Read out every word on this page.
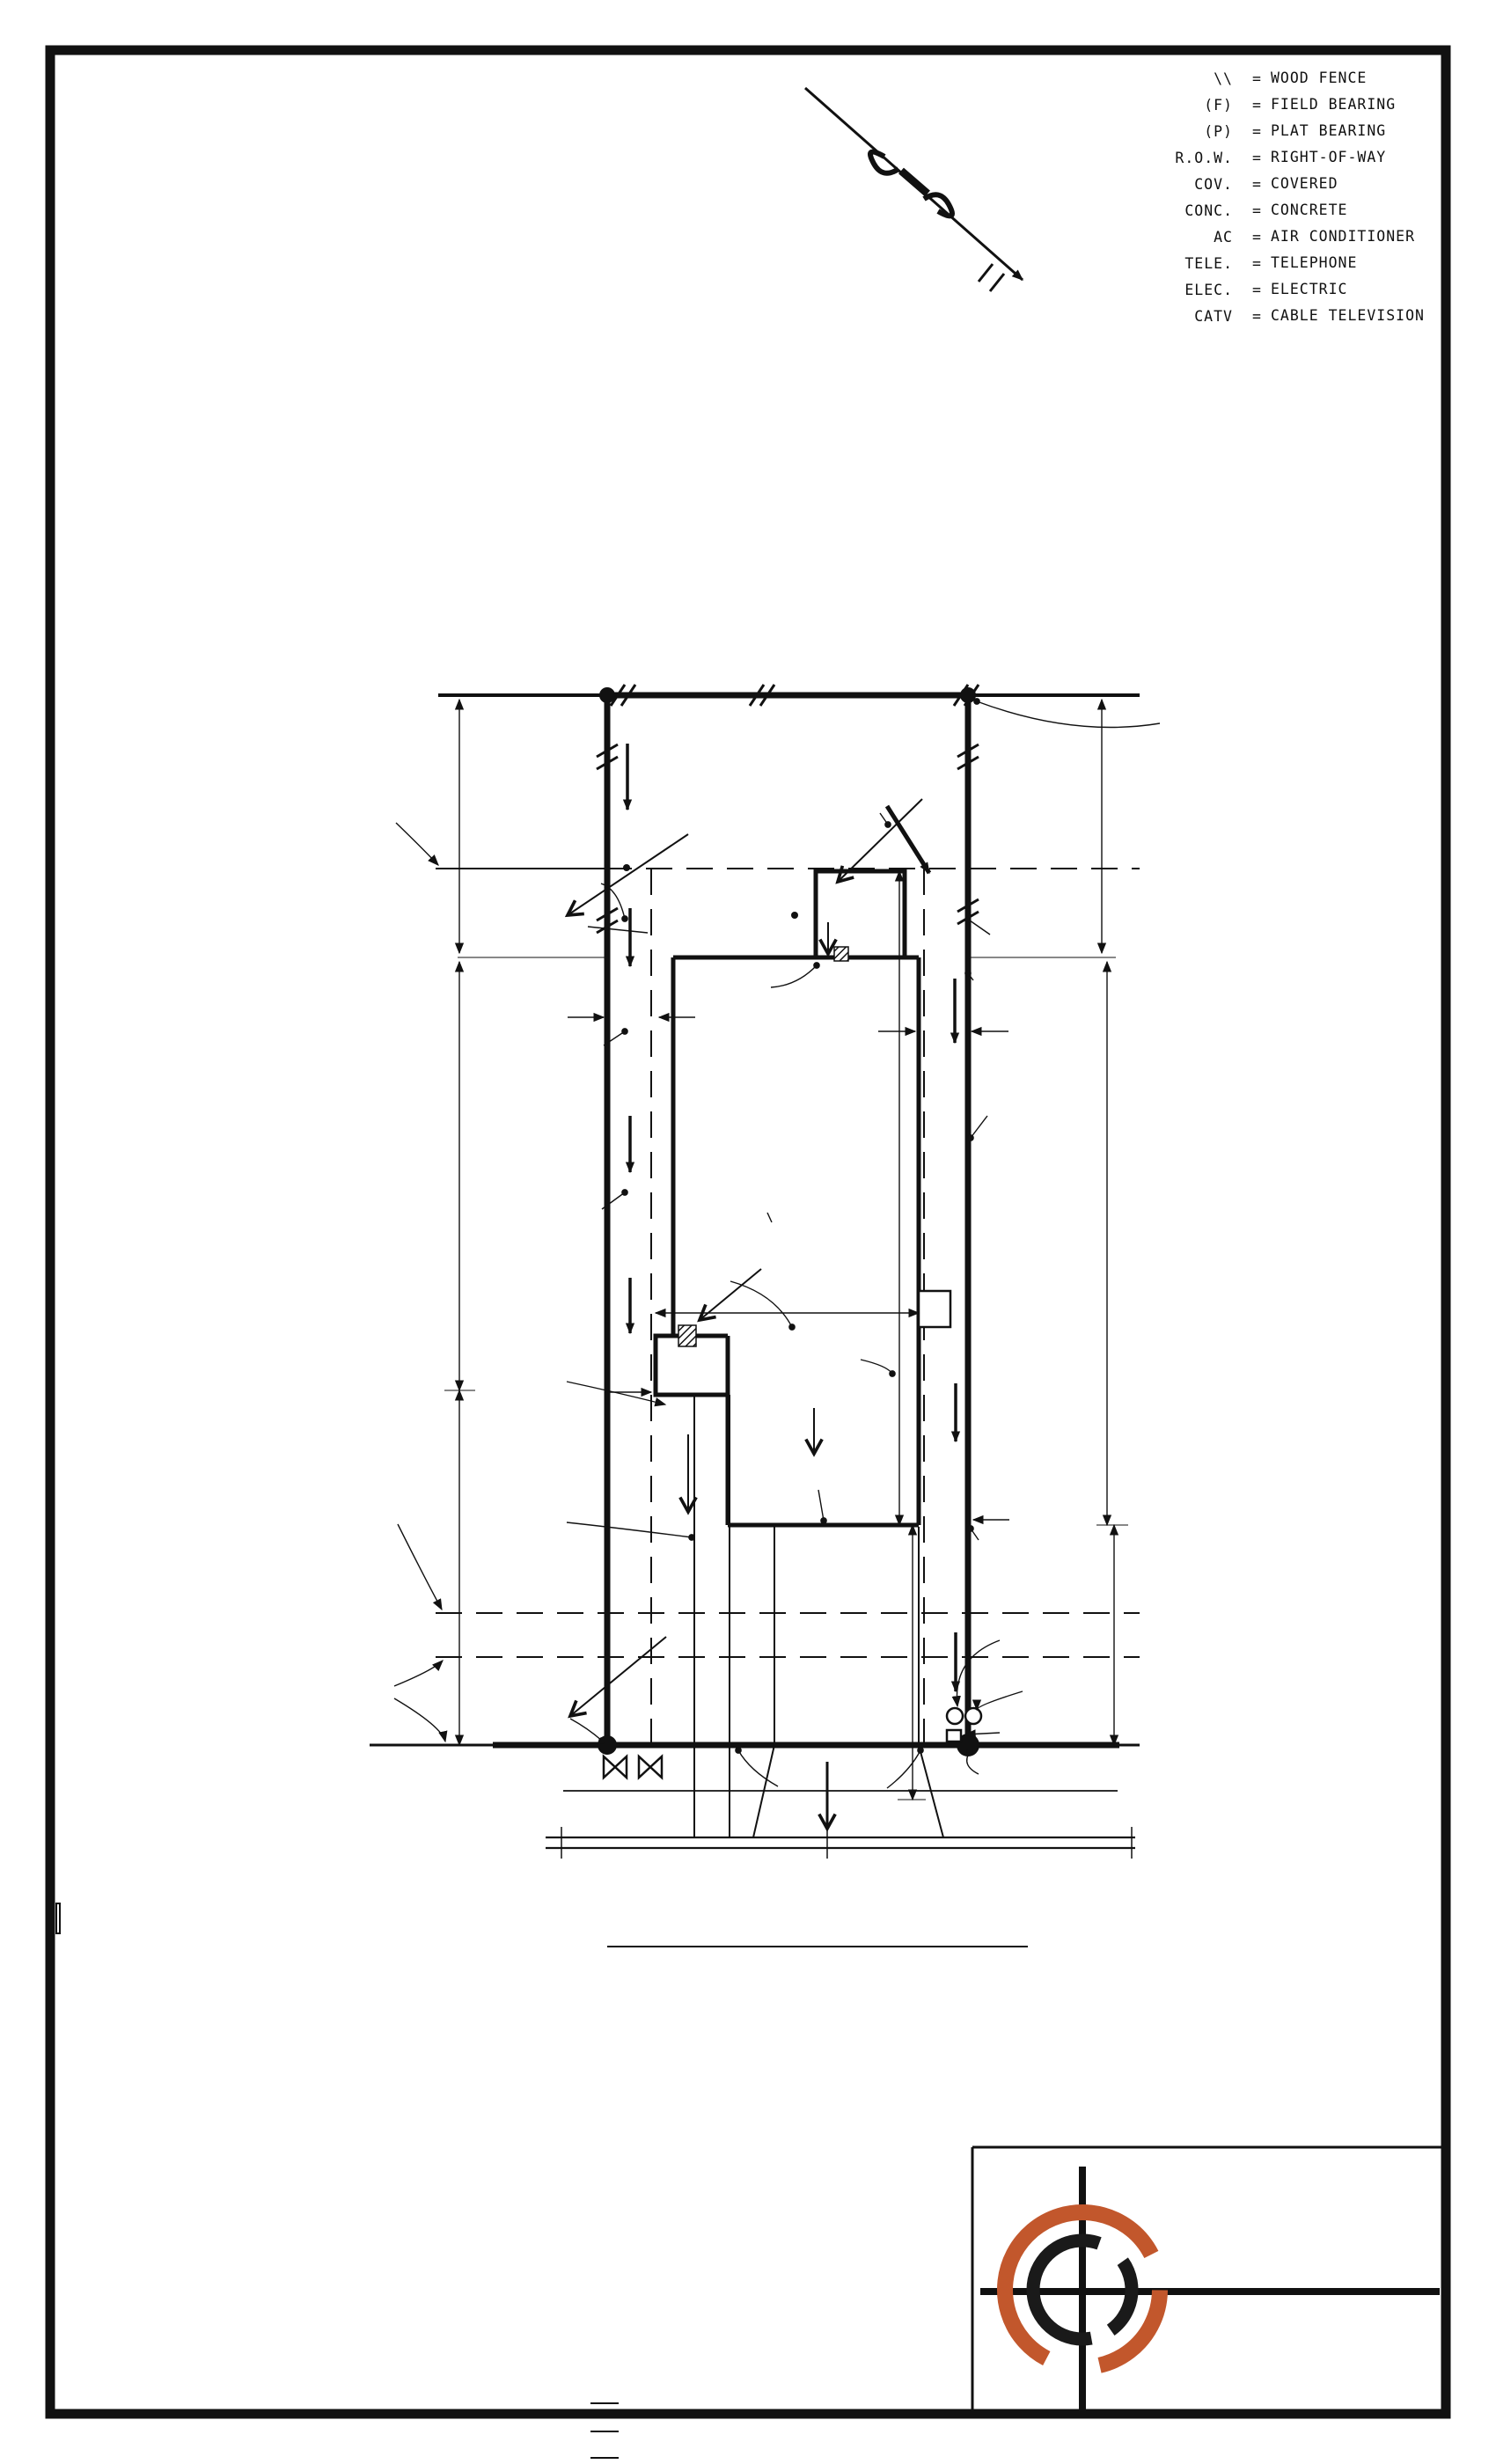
\\	= WOOD FENCE
(F)	= FIELD BEARING
(P)	= PLAT BEARING
R.O.W.	= RIGHT-OF-WAY
COV.	= COVERED
CONC.	= CONCRETE
AC	= AIR CONDITIONER
TELE.	= TELEPHONE
ELEC.	= ELECTRIC
CATV	= CABLE TELEVISION
